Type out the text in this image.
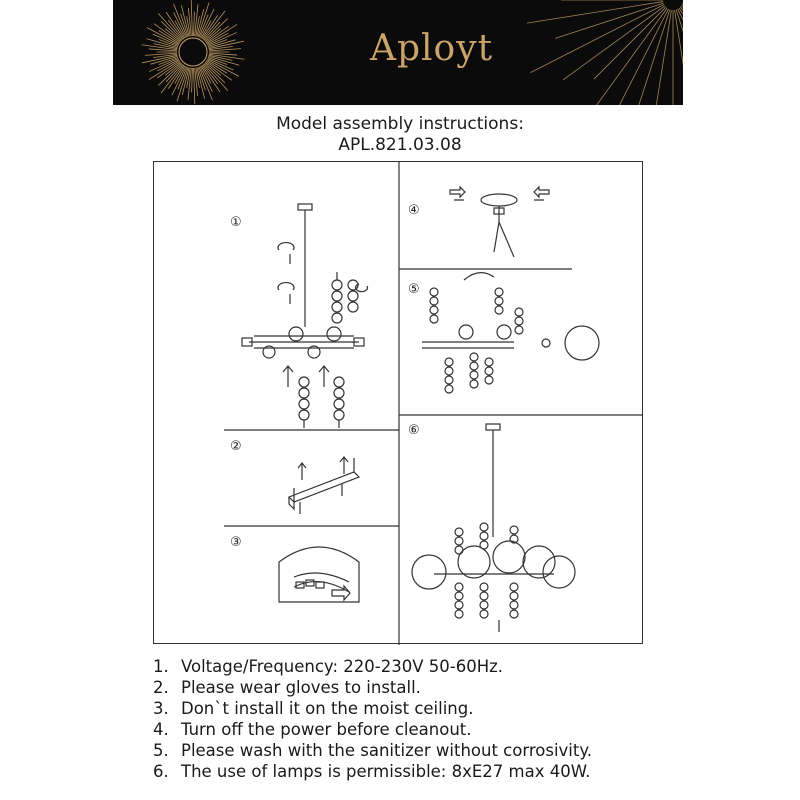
Aployt
Model assembly instructions:
APL.821.03.08
①
②
③
④
⑤
⑥
1. Voltage/Frequency: 220-230V 50-60Hz.
2. Please wear gloves to install.
3. Don`t install it on the moist ceiling.
4. Turn off the power before cleanout.
5. Please wash with the sanitizer without corrosivity.
6. The use of lamps is permissible: 8xE27 max 40W.
